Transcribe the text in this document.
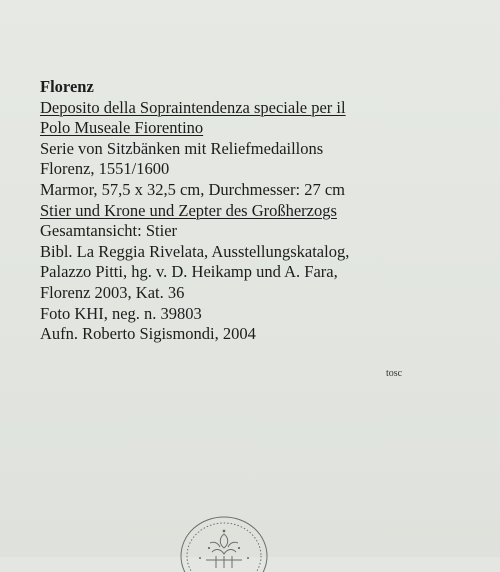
Florenz
Deposito della Sopraintendenza speciale per il
Polo Museale Fiorentino
Serie von Sitzbänken mit Reliefmedaillons
Florenz, 1551/1600
Marmor, 57,5 x 32,5 cm, Durchmesser: 27 cm
Stier und Krone und Zepter des Großherzogs
Gesamtansicht: Stier
Bibl. La Reggia Rivelata, Ausstellungskatalog,
Palazzo Pitti, hg. v. D. Heikamp und A. Fara,
Florenz 2003, Kat. 36
Foto KHI, neg. n. 39803
Aufn. Roberto Sigismondi, 2004
tosc
